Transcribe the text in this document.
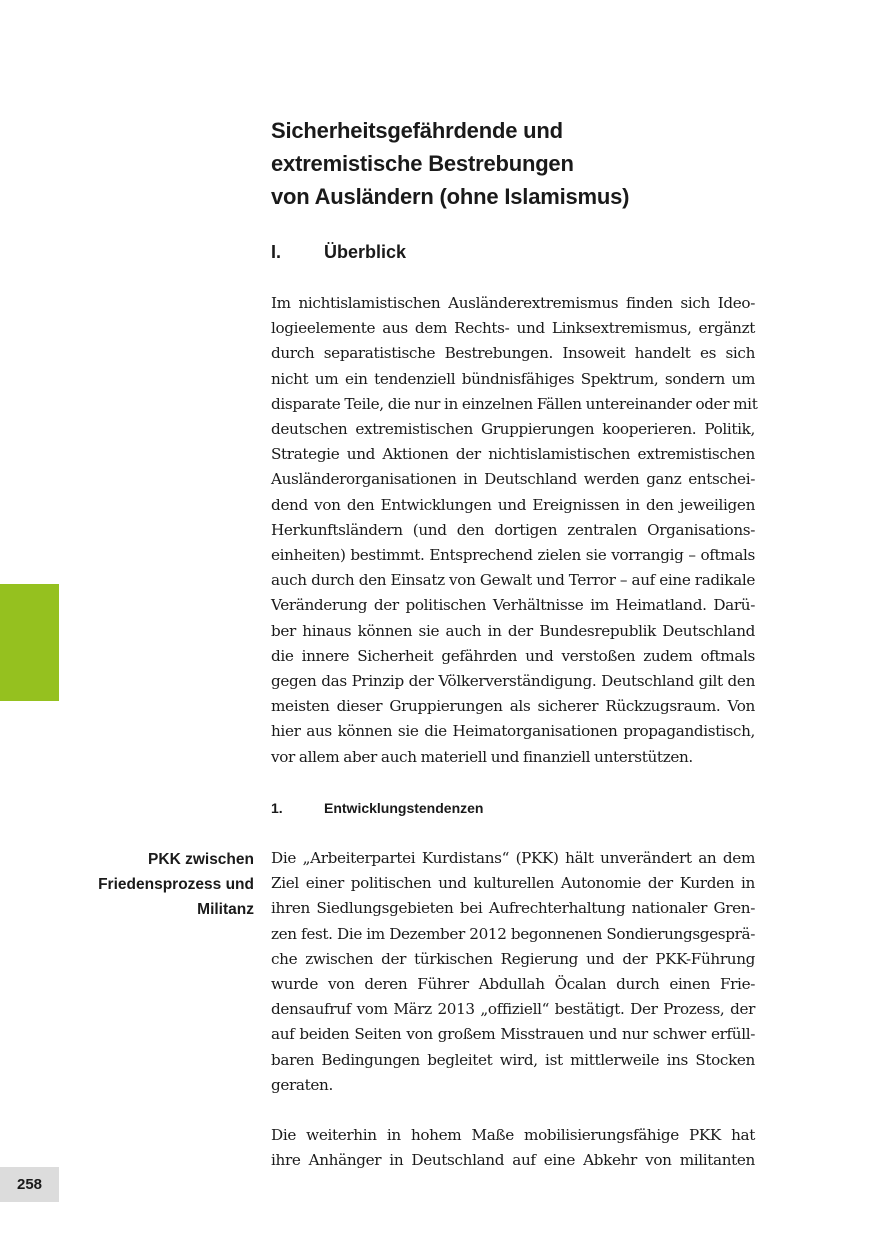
258
Sicherheitsgefährdende und
extremistische Bestrebungen
von Ausländern (ohne Islamismus)
I.	Überblick

Im nichtislamistischen Ausländerextremismus finden sich Ideo-
logieelemente aus dem Rechts- und Linksextremismus, ergänzt
durch separatistische Bestrebungen. Insoweit handelt es sich
nicht um ein tendenziell bündnisfähiges Spektrum, sondern um
disparate Teile, die nur in einzelnen Fällen untereinander oder mit
deutschen extremistischen Gruppierungen kooperieren. Politik,
Strategie und Aktionen der nichtislamistischen extremistischen
Ausländerorganisationen in Deutschland werden ganz entschei-
dend von den Entwicklungen und Ereignissen in den jeweiligen
Herkunftsländern (und den dortigen zentralen Organisations-
einheiten) bestimmt. Entsprechend zielen sie vorrangig – oftmals
auch durch den Einsatz von Gewalt und Terror – auf eine radikale
Veränderung der politischen Verhältnisse im Heimatland. Darü-
ber hinaus können sie auch in der Bundesrepublik Deutschland
die innere Sicherheit gefährden und verstoßen zudem oftmals
gegen das Prinzip der Völkerverständigung. Deutschland gilt den
meisten dieser Gruppierungen als sicherer Rückzugsraum. Von
hier aus können sie die Heimatorganisationen propagandistisch,
vor allem aber auch materiell und finanziell unterstützen.

1.	Entwicklungstendenzen
PKK zwischen
Friedensprozess und
Militanz

Die „Arbeiterpartei Kurdistans“ (PKK) hält unverändert an dem
Ziel einer politischen und kulturellen Autonomie der Kurden in
ihren Siedlungsgebieten bei Aufrechterhaltung nationaler Gren-
zen fest. Die im Dezember 2012 begonnenen Sondierungsgesprä-
che zwischen der türkischen Regierung und der PKK-Führung
wurde von deren Führer Abdullah Öcalan durch einen Frie-
densaufruf vom März 2013 „offiziell“ bestätigt. Der Prozess, der
auf beiden Seiten von großem Misstrauen und nur schwer erfüll-
baren Bedingungen begleitet wird, ist mittlerweile ins Stocken
geraten.

Die weiterhin in hohem Maße mobilisierungsfähige PKK hat
ihre Anhänger in Deutschland auf eine Abkehr von militanten
